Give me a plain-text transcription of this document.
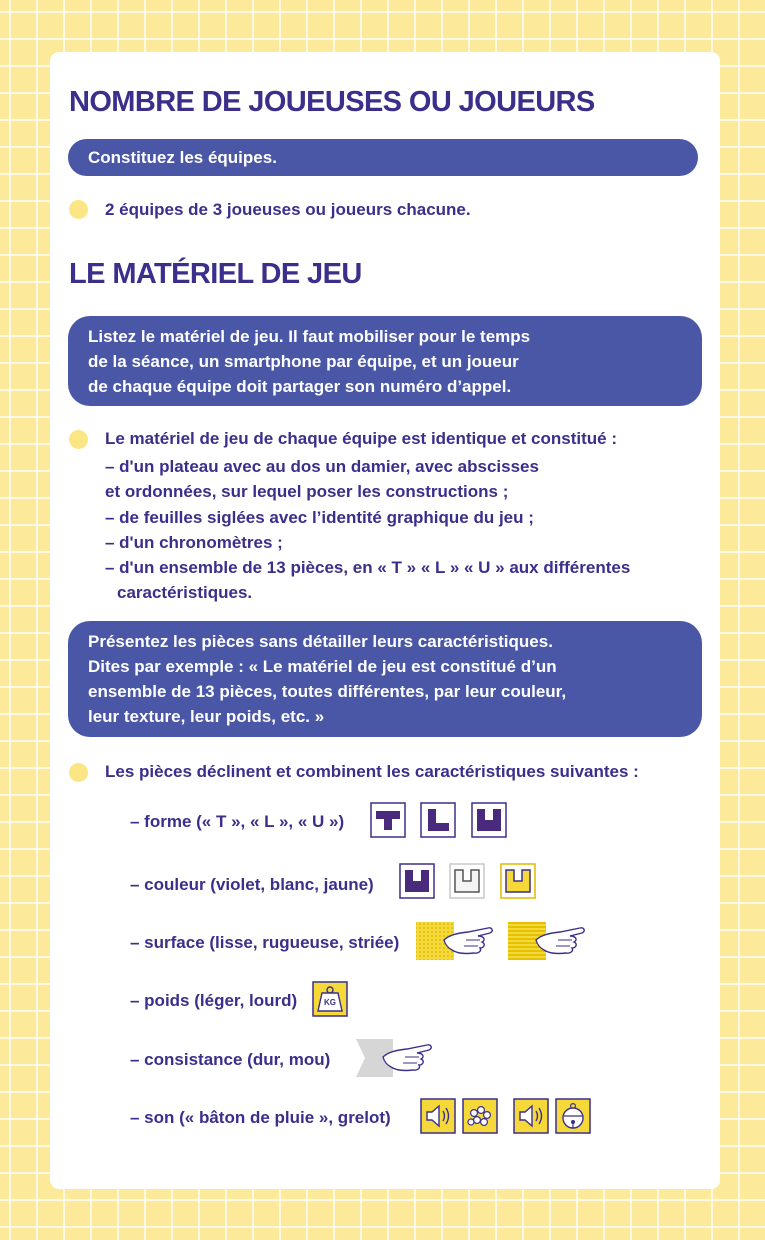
NOMBRE DE JOUEUSES OU JOUEURS
Constituez les équipes.
2 équipes de 3 joueuses ou joueurs chacune.
LE MATÉRIEL DE JEU
Listez le matériel de jeu. Il faut mobiliser pour le temps
de la séance, un smartphone par équipe, et un joueur
de chaque équipe doit partager son numéro d’appel.
Le matériel de jeu de chaque équipe est identique et constitué :
– d'un plateau avec au dos un damier, avec abscisses
et ordonnées, sur lequel poser les constructions ;
– de feuilles siglées avec l’identité graphique du jeu ;
– d'un chronomètres ;
– d'un ensemble de 13 pièces, en « T » « L » « U » aux différentes
caractéristiques.
Présentez les pièces sans détailler leurs caractéristiques.
Dites par exemple : « Le matériel de jeu est constitué d’un
ensemble de 13 pièces, toutes différentes, par leur couleur,
leur texture, leur poids, etc. »
Les pièces déclinent et combinent les caractéristiques suivantes :
– forme (« T », « L », « U »)
– couleur (violet, blanc, jaune)
– surface (lisse, rugueuse, striée)
– poids (léger, lourd)	KG
– consistance (dur, mou)
– son (« bâton de pluie », grelot)
